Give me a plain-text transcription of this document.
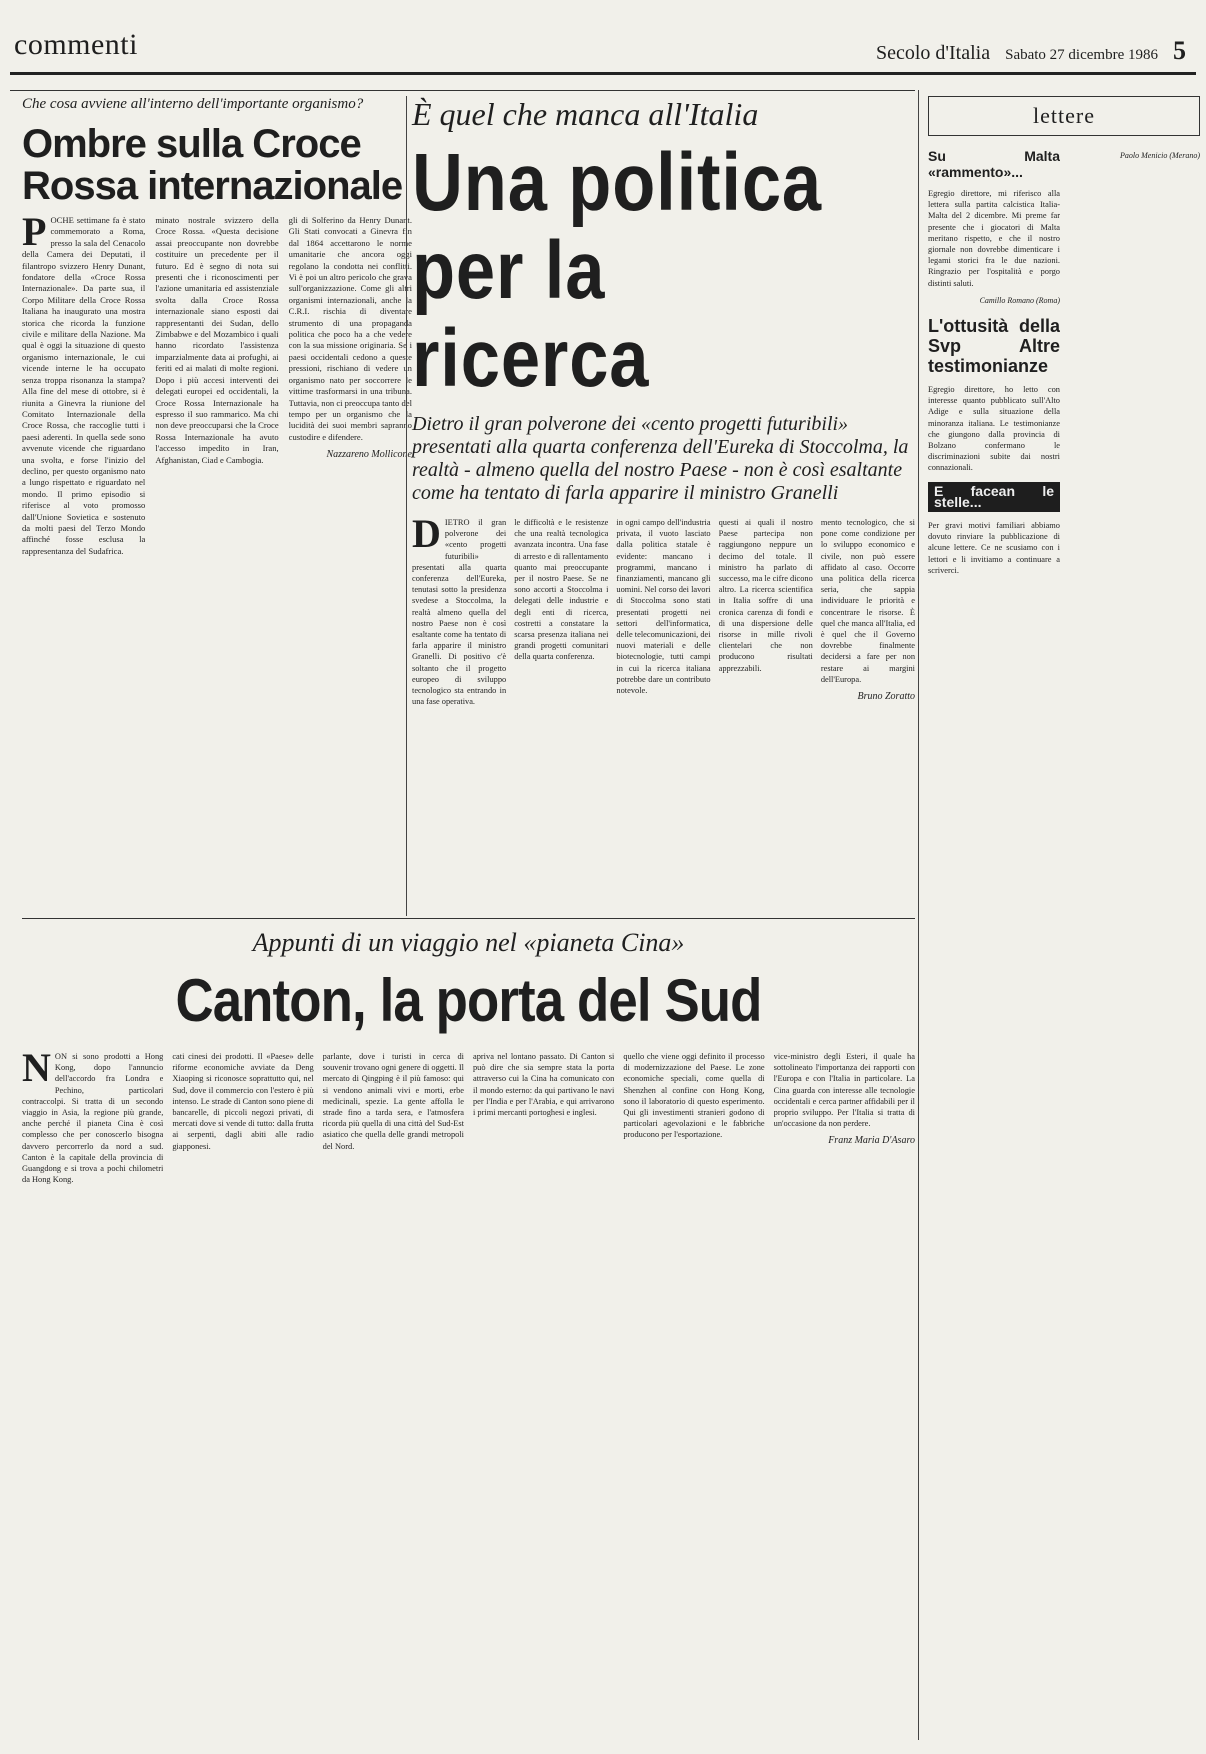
commenti	Secolo d'Italia Sabato 27 dicembre 1986 5
Che cosa avviene all'interno dell'importante organismo?
Ombre sulla Croce Rossa internazionale
POCHE settimane fa è stato commemorato a Roma, presso la sala del Cenacolo della Camera dei Deputati, il filantropo svizzero Henry Dunant, fondatore della «Croce Rossa Internazionale». Da parte sua, il Corpo Militare della Croce Rossa Italiana ha inaugurato una mostra storica che ricorda la funzione civile e militare della Nazione. Ma qual è oggi la situazione di questo organismo internazionale, le cui vicende interne le ha occupato senza troppa risonanza la stampa? Alla fine del mese di ottobre, si è riunita a Ginevra la riunione del Comitato Internazionale della Croce Rossa, che raccoglie tutti i paesi aderenti. In quella sede sono avvenute vicende che riguardano una svolta, e forse l'inizio del declino, per questo organismo nato a lungo rispettato e riguardato nel mondo. Il primo episodio si riferisce al voto promosso dall'Unione Sovietica e sostenuto da molti paesi del Terzo Mondo affinché fosse esclusa la rappresentanza del Sudafrica.
minato nostrale svizzero della Croce Rossa. «Questa decisione assai preoccupante non dovrebbe costituire un precedente per il futuro. Ed è segno di nota sui presenti che i riconoscimenti per l'azione umanitaria ed assistenziale svolta dalla Croce Rossa internazionale siano esposti dai rappresentanti dei Sudan, dello Zimbabwe e del Mozambico i quali hanno ricordato l'assistenza imparzialmente data ai profughi, ai feriti ed ai malati di molte regioni. Dopo i più accesi interventi dei delegati europei ed occidentali, la Croce Rossa Internazionale ha espresso il suo rammarico. Ma chi non deve preoccuparsi che la Croce Rossa Internazionale ha avuto l'accesso impedito in Iran, Afghanistan, Ciad e Cambogia.
gli di Solferino da Henry Dunant. Gli Stati convocati a Ginevra fin dal 1864 accettarono le norme umanitarie che ancora oggi regolano la condotta nei conflitti. Vi è poi un altro pericolo che grava sull'organizzazione. Come gli altri organismi internazionali, anche la C.R.I. rischia di diventare strumento di una propaganda politica che poco ha a che vedere con la sua missione originaria. Se i paesi occidentali cedono a queste pressioni, rischiano di vedere un organismo nato per soccorrere le vittime trasformarsi in una tribuna. Tuttavia, non ci preoccupa tanto del tempo per un organismo che la lucidità dei suoi membri sapranno custodire e difendere.
Nazzareno Mollicone
È quel che manca all'Italia
Una politica per la ricerca
Dietro il gran polverone dei «cento progetti futuribili» presentati alla quarta conferenza dell'Eureka di Stoccolma, la realtà - almeno quella del nostro Paese - non è così esaltante come ha tentato di farla apparire il ministro Granelli
DIETRO il gran polverone dei «cento progetti futuribili» presentati alla quarta conferenza dell'Eureka, tenutasi sotto la presidenza svedese a Stoccolma, la realtà almeno quella del nostro Paese non è così esaltante come ha tentato di farla apparire il ministro Granelli. Di positivo c'è soltanto che il progetto europeo di sviluppo tecnologico sta entrando in una fase operativa.
le difficoltà e le resistenze che una realtà tecnologica avanzata incontra. Una fase di arresto e di rallentamento quanto mai preoccupante per il nostro Paese. Se ne sono accorti a Stoccolma i delegati delle industrie e degli enti di ricerca, costretti a constatare la scarsa presenza italiana nei grandi progetti comunitari della quarta conferenza.
in ogni campo dell'industria privata, il vuoto lasciato dalla politica statale è evidente: mancano i programmi, mancano i finanziamenti, mancano gli uomini. Nel corso dei lavori di Stoccolma sono stati presentati progetti nei settori dell'informatica, delle telecomunicazioni, dei nuovi materiali e delle biotecnologie, tutti campi in cui la ricerca italiana potrebbe dare un contributo notevole.
questi ai quali il nostro Paese partecipa non raggiungono neppure un decimo del totale. Il ministro ha parlato di successo, ma le cifre dicono altro. La ricerca scientifica in Italia soffre di una cronica carenza di fondi e di una dispersione delle risorse in mille rivoli clientelari che non producono risultati apprezzabili.
mento tecnologico, che si pone come condizione per lo sviluppo economico e civile, non può essere affidato al caso. Occorre una politica della ricerca seria, che sappia individuare le priorità e concentrare le risorse. È quel che manca all'Italia, ed è quel che il Governo dovrebbe finalmente decidersi a fare per non restare ai margini dell'Europa.
Bruno Zoratto
Appunti di un viaggio nel «pianeta Cina»
Canton, la porta del Sud
NON si sono prodotti a Hong Kong, dopo l'annuncio dell'accordo fra Londra e Pechino, particolari contraccolpi. Si tratta di un secondo viaggio in Asia, la regione più grande, anche perché il pianeta Cina è così complesso che per conoscerlo bisogna davvero percorrerlo da nord a sud. Canton è la capitale della provincia di Guangdong e si trova a pochi chilometri da Hong Kong.
cati cinesi dei prodotti. Il «Paese» delle riforme economiche avviate da Deng Xiaoping si riconosce soprattutto qui, nel Sud, dove il commercio con l'estero è più intenso. Le strade di Canton sono piene di bancarelle, di piccoli negozi privati, di mercati dove si vende di tutto: dalla frutta ai serpenti, dagli abiti alle radio giapponesi.
parlante, dove i turisti in cerca di souvenir trovano ogni genere di oggetti. Il mercato di Qingping è il più famoso: qui si vendono animali vivi e morti, erbe medicinali, spezie. La gente affolla le strade fino a tarda sera, e l'atmosfera ricorda più quella di una città del Sud-Est asiatico che quella delle grandi metropoli del Nord.
apriva nel lontano passato. Di Canton si può dire che sia sempre stata la porta attraverso cui la Cina ha comunicato con il mondo esterno: da qui partivano le navi per l'India e per l'Arabia, e qui arrivarono i primi mercanti portoghesi e inglesi.
quello che viene oggi definito il processo di modernizzazione del Paese. Le zone economiche speciali, come quella di Shenzhen al confine con Hong Kong, sono il laboratorio di questo esperimento. Qui gli investimenti stranieri godono di particolari agevolazioni e le fabbriche producono per l'esportazione.
vice-ministro degli Esteri, il quale ha sottolineato l'importanza dei rapporti con l'Europa e con l'Italia in particolare. La Cina guarda con interesse alle tecnologie occidentali e cerca partner affidabili per il proprio sviluppo. Per l'Italia si tratta di un'occasione da non perdere.
Franz Maria D'Asaro
lettere
Su Malta «rammento»...
Egregio direttore, mi riferisco alla lettera sulla partita calcistica Italia-Malta del 2 dicembre. Mi preme far presente che i giocatori di Malta meritano rispetto, e che il nostro giornale non dovrebbe dimenticare i legami storici fra le due nazioni. Ringrazio per l'ospitalità e porgo distinti saluti.
Camillo Romano (Roma)
L'ottusità della Svp Altre testimonianze
Egregio direttore, ho letto con interesse quanto pubblicato sull'Alto Adige e sulla situazione della minoranza italiana. Le testimonianze che giungono dalla provincia di Bolzano confermano le discriminazioni subite dai nostri connazionali.
E facean le stelle...
Per gravi motivi familiari abbiamo dovuto rinviare la pubblicazione di alcune lettere. Ce ne scusiamo con i lettori e li invitiamo a continuare a scriverci.
Paolo Menicio (Merano)
